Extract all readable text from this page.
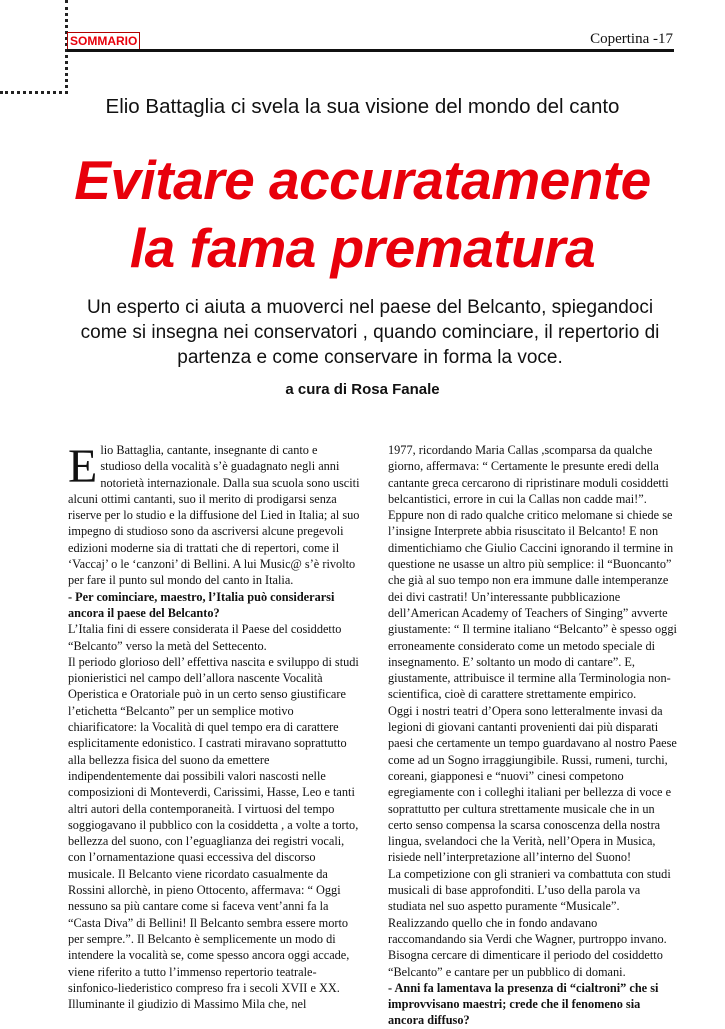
SOMMARIO	Copertina -17
Elio Battaglia ci svela la sua visione del mondo del canto
Evitare accuratamente
la fama prematura
Un esperto ci aiuta a muoverci nel paese del Belcanto, spiegandoci come si insegna nei conservatori , quando cominciare, il repertorio di partenza e come conservare in forma la voce.
a cura di Rosa Fanale

Elio Battaglia, cantante, insegnante di canto e studioso della vocalità s’è guadagnato negli anni notorietà internazionale. Dalla sua scuola sono usciti alcuni ottimi cantanti, suo il merito di prodigarsi senza riserve per lo studio e la diffusione del Lied in Italia; al suo impegno di studioso sono da ascriversi alcune pregevoli edizioni moderne sia di trattati che di repertori, come il ‘Vaccaj’ o le ‘canzoni’ di Bellini. A lui Music@ s’è rivolto per fare il punto sul mondo del canto in Italia.

- Per cominciare, maestro, l’Italia può considerarsi ancora il paese del Belcanto?

L’Italia fini di essere considerata il Paese del cosiddetto “Belcanto” verso la metà del Settecento.

Il periodo glorioso dell’ effettiva nascita e sviluppo di studi pionieristici nel campo dell’allora nascente Vocalità Operistica e Oratoriale può in un certo senso giustificare l’etichetta “Belcanto” per un semplice motivo chiarificatore: la Vocalità di quel tempo era di carattere esplicitamente edonistico. I castrati miravano soprattutto alla bellezza fisica del suono da emettere indipendentemente dai possibili valori nascosti nelle composizioni di Monteverdi, Carissimi, Hasse, Leo e tanti altri autori della contemporaneità. I virtuosi del tempo soggiogavano il pubblico con la cosiddetta , a volte a torto, bellezza del suono, con l’eguaglianza dei registri vocali, con l’ornamentazione quasi eccessiva del discorso musicale. Il Belcanto viene ricordato casualmente da Rossini allorchè, in pieno Ottocento, affermava: “ Oggi nessuno sa più cantare come si faceva vent’anni fa la “Casta Diva” di Bellini! Il Belcanto sembra essere morto per sempre.”. Il Belcanto è semplicemente un modo di intendere la vocalità se, come spesso ancora oggi accade, viene riferito a tutto l’immenso repertorio teatrale-sinfonico-liederistico compreso fra i secoli XVII e XX. Illuminante il giudizio di Massimo Mila che, nel

1977, ricordando Maria Callas ,scomparsa da qualche giorno, affermava: “ Certamente le presunte eredi della cantante greca cercarono di ripristinare moduli cosiddetti belcantistici, errore in cui la Callas non cadde mai!”. Eppure non di rado qualche critico melomane si chiede se l’insigne Interprete abbia risuscitato il Belcanto! E non dimentichiamo che Giulio Caccini ignorando il termine in questione ne usasse un altro più semplice: il “Buoncanto” che già al suo tempo non era immune dalle intemperanze dei divi castrati! Un’interessante pubblicazione dell’American Academy of Teachers of Singing” avverte giustamente: “ Il termine italiano “Belcanto” è spesso oggi erroneamente considerato come un metodo speciale di insegnamento. E’ soltanto un modo di cantare”. E, giustamente, attribuisce il termine alla Terminologia non-scientifica, cioè di carattere strettamente empirico.

Oggi i nostri teatri d’Opera sono letteralmente invasi da legioni di giovani cantanti provenienti dai più disparati paesi che certamente un tempo guardavano al nostro Paese come ad un Sogno irraggiungibile. Russi, rumeni, turchi, coreani, giapponesi e “nuovi” cinesi competono egregiamente con i colleghi italiani per bellezza di voce e soprattutto per cultura strettamente musicale che in un certo senso compensa la scarsa conoscenza della nostra lingua, svelandoci che la Verità, nell’Opera in Musica, risiede nell’interpretazione all’interno del Suono!

La competizione con gli stranieri va combattuta con studi musicali di base approfonditi. L’uso della parola va studiata nel suo aspetto puramente “Musicale”. Realizzando quello che in fondo andavano raccomandando sia Verdi che Wagner, purtroppo invano. Bisogna cercare di dimenticare il periodo del cosiddetto “Belcanto” e cantare per un pubblico di domani.

- Anni fa lamentava la presenza di “cialtroni” che si improvvisano maestri; crede che il fenomeno sia ancora diffuso?
